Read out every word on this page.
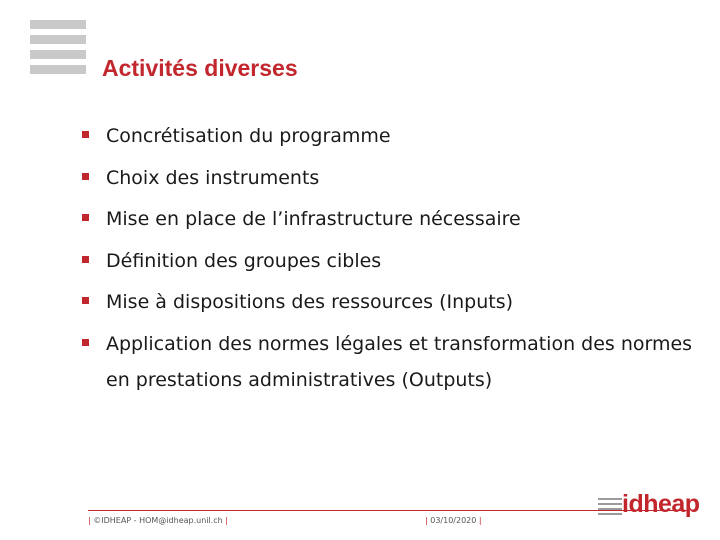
Activités diverses
Concrétisation du programme
Choix des instruments
Mise en place de l’infrastructure nécessaire
Définition des groupes cibles
Mise à dispositions des ressources (Inputs)
Application des normes légales et transformation des normes en prestations administratives (Outputs)
| ©IDHEAP - HOM@idheap.unil.ch |	| 03/10/2020 |
idheap
